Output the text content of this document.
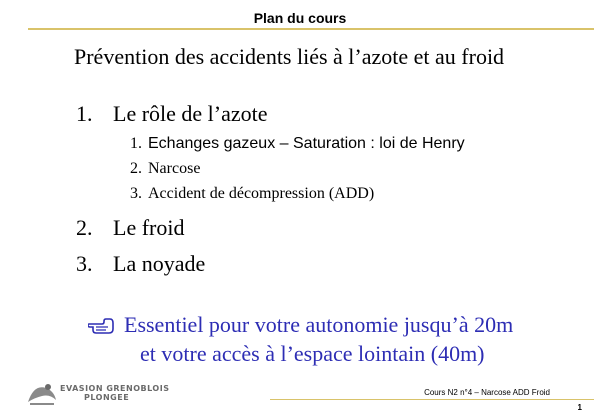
Plan du cours
Prévention des accidents liés à l’azote et au froid
1. Le rôle de l’azote
1. Echanges gazeux – Saturation : loi de Henry
2. Narcose
3. Accident de décompression (ADD)
2. Le froid
3. La noyade
Essentiel pour votre autonomie jusqu’à 20m
et votre accès à l’espace lointain (40m)
EVASION GRENOBLOIS
PLONGEE
Cours N2 n°4 – Narcose ADD Froid
1
